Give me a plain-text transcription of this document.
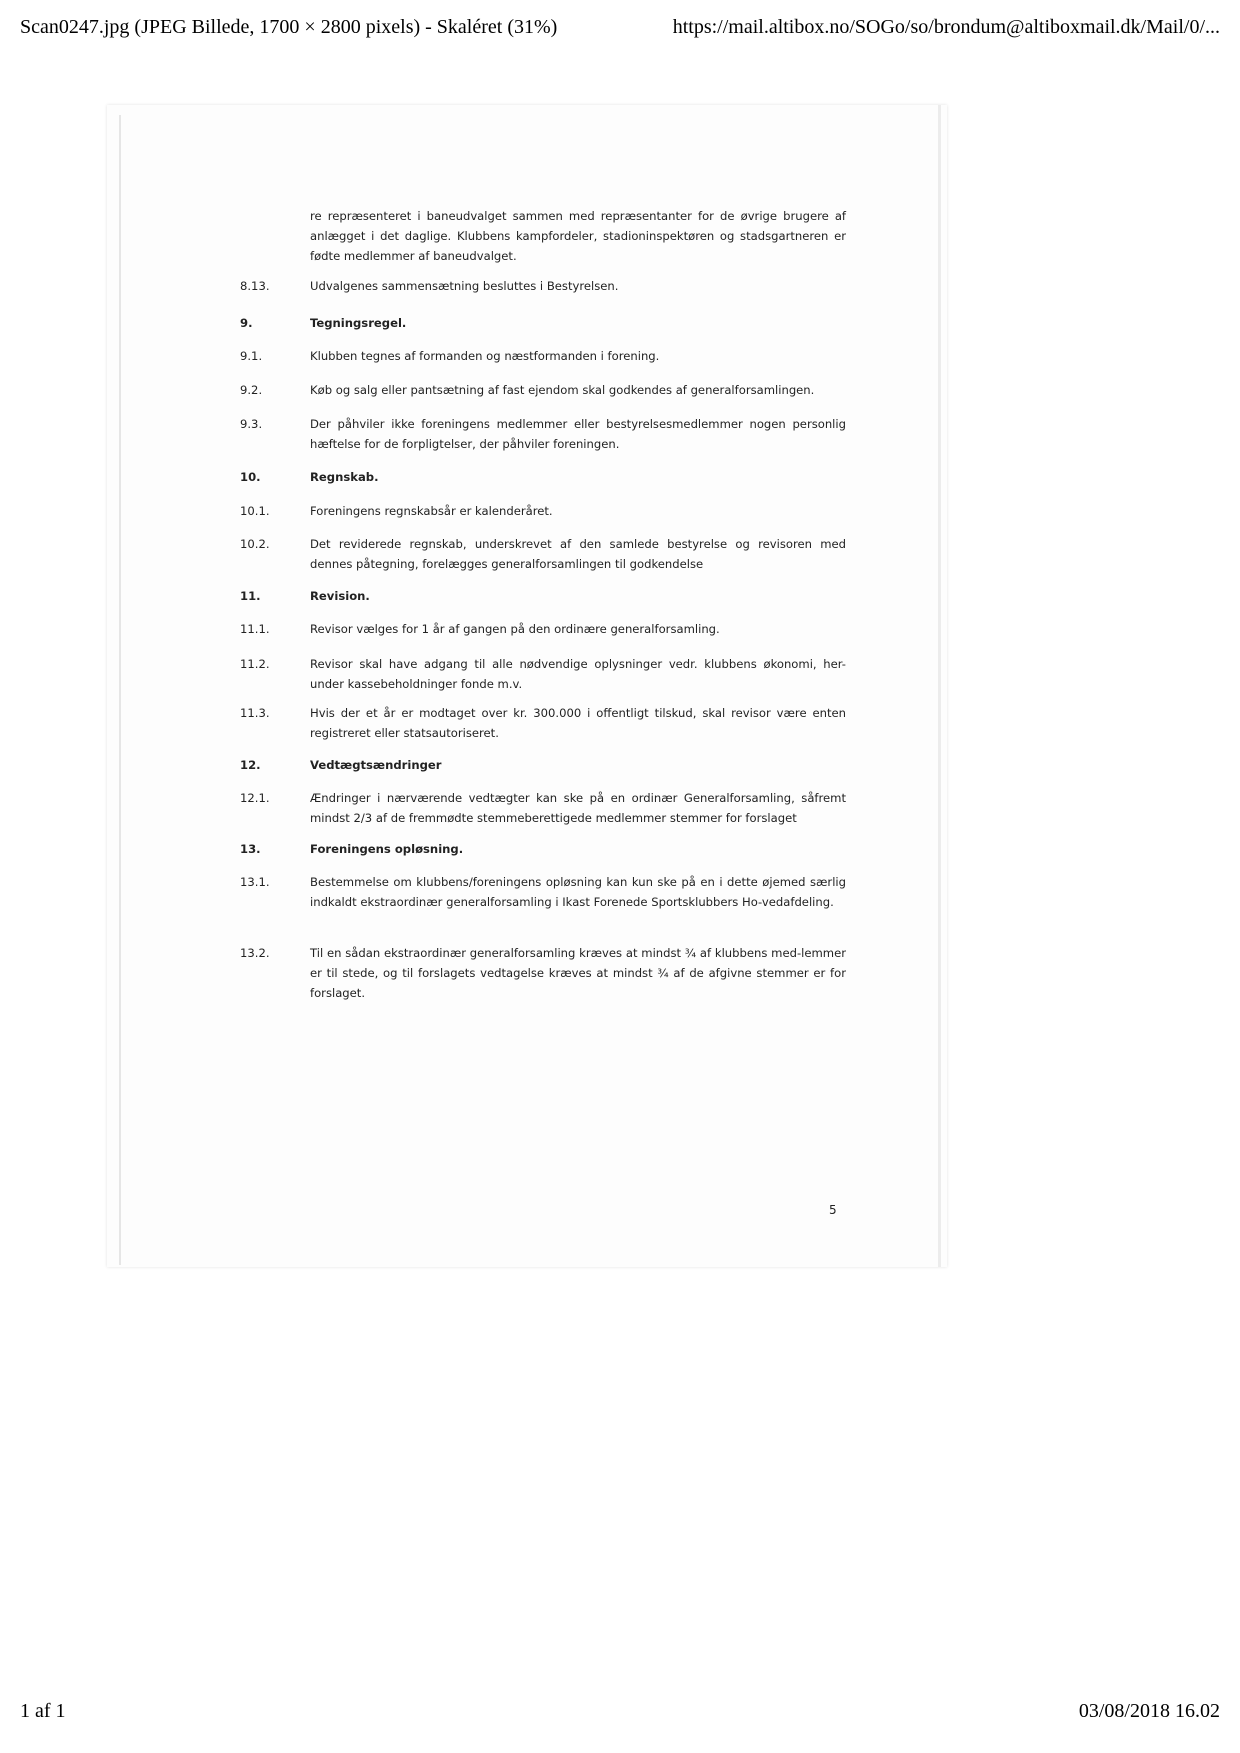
Scan0247.jpg (JPEG Billede, 1700 × 2800 pixels) - Skaléret (31%)	https://mail.altibox.no/SOGo/so/brondum@altiboxmail.dk/Mail/0/...
re repræsenteret i baneudvalget sammen med repræsentanter for de øvrige brugere af anlægget i det daglige. Klubbens kampfordeler, stadioninspektøren og stadsgartneren er fødte medlemmer af baneudvalget.
8.13.	Udvalgenes sammensætning besluttes i Bestyrelsen.
9.	Tegningsregel.
9.1.	Klubben tegnes af formanden og næstformanden i forening.
9.2.	Køb og salg eller pantsætning af fast ejendom skal godkendes af generalforsamlingen.
9.3.	Der påhviler ikke foreningens medlemmer eller bestyrelsesmedlemmer nogen personlig hæftelse for de forpligtelser, der påhviler foreningen.
10.	Regnskab.
10.1.	Foreningens regnskabsår er kalenderåret.
10.2.	Det reviderede regnskab, underskrevet af den samlede bestyrelse og revisoren med dennes påtegning, forelægges generalforsamlingen til godkendelse
11.	Revision.
11.1.	Revisor vælges for 1 år af gangen på den ordinære generalforsamling.
11.2.	Revisor skal have adgang til alle nødvendige oplysninger vedr. klubbens økonomi, her-under kassebeholdninger fonde m.v.
11.3.	Hvis der et år er modtaget over kr. 300.000 i offentligt tilskud, skal revisor være enten registreret eller statsautoriseret.
12.	Vedtægtsændringer
12.1.	Ændringer i nærværende vedtægter kan ske på en ordinær Generalforsamling, såfremt mindst 2/3 af de fremmødte stemmeberettigede medlemmer stemmer for forslaget
13.	Foreningens opløsning.
13.1.	Bestemmelse om klubbens/foreningens opløsning kan kun ske på en i dette øjemed særlig indkaldt ekstraordinær generalforsamling i Ikast Forenede Sportsklubbers Ho-vedafdeling.
13.2.	Til en sådan ekstraordinær generalforsamling kræves at mindst ¾ af klubbens med-lemmer er til stede, og til forslagets vedtagelse kræves at mindst ¾ af de afgivne stemmer er for forslaget.
5
1 af 1	03/08/2018 16.02
